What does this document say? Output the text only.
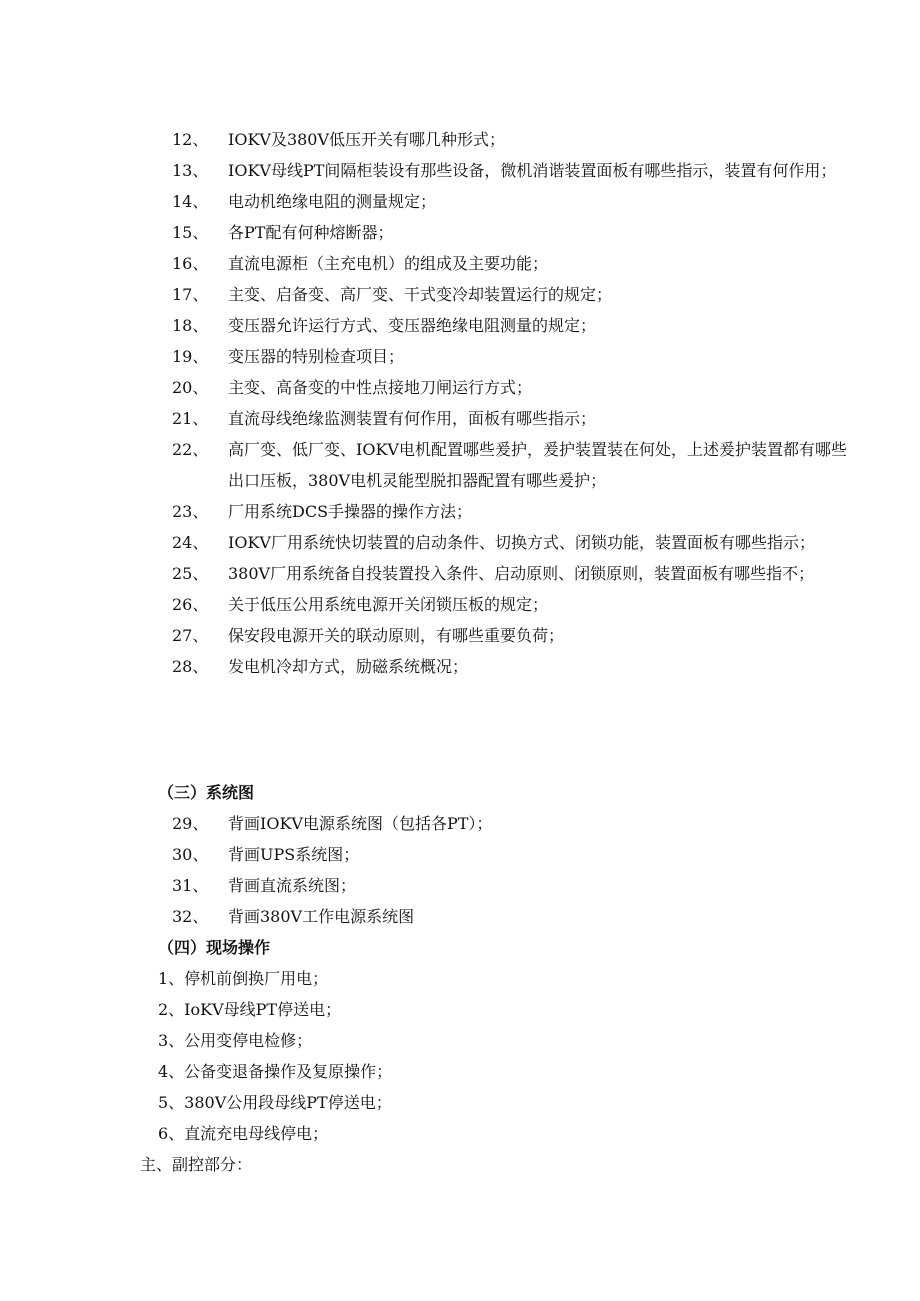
12、	IOKV及380V低压开关有哪几种形式；
13、	IOKV母线PT间隔柜装设有那些设备，微机消谐装置面板有哪些指示，装置有何作用；
14、	电动机绝缘电阻的测量规定；
15、	各PT配有何种熔断器；
16、	直流电源柜（主充电机）的组成及主要功能；
17、	主变、启备变、高厂变、干式变冷却装置运行的规定；
18、	变压器允许运行方式、变压器绝缘电阻测量的规定；
19、	变压器的特别检查项目；
20、	主变、高备变的中性点接地刀闸运行方式；
21、	直流母线绝缘监测装置有何作用，面板有哪些指示；
22、	高厂变、低厂变、IOKV电机配置哪些爰护，爰护装置装在何处，上述爰护装置都有哪些出口压板，380V电机灵能型脱扣器配置有哪些爰护；
23、	厂用系统DCS手操器的操作方法；
24、	IOKV厂用系统快切装置的启动条件、切换方式、闭锁功能，装置面板有哪些指示；
25、	380V厂用系统备自投装置投入条件、启动原则、闭锁原则，装置面板有哪些指不；
26、	关于低压公用系统电源开关闭锁压板的规定；
27、	保安段电源开关的联动原则，有哪些重要负荷；
28、	发电机冷却方式，励磁系统概况；
（三）系统图
29、	背画IOKV电源系统图（包括各PT）；
30、	背画UPS系统图；
31、	背画直流系统图；
32、	背画380V工作电源系统图
（四）现场操作
1、停机前倒换厂用电；
2、IoKV母线PT停送电；
3、公用变停电检修；
4、公备变退备操作及复原操作；
5、380V公用段母线PT停送电；
6、直流充电母线停电；
主、副控部分：
